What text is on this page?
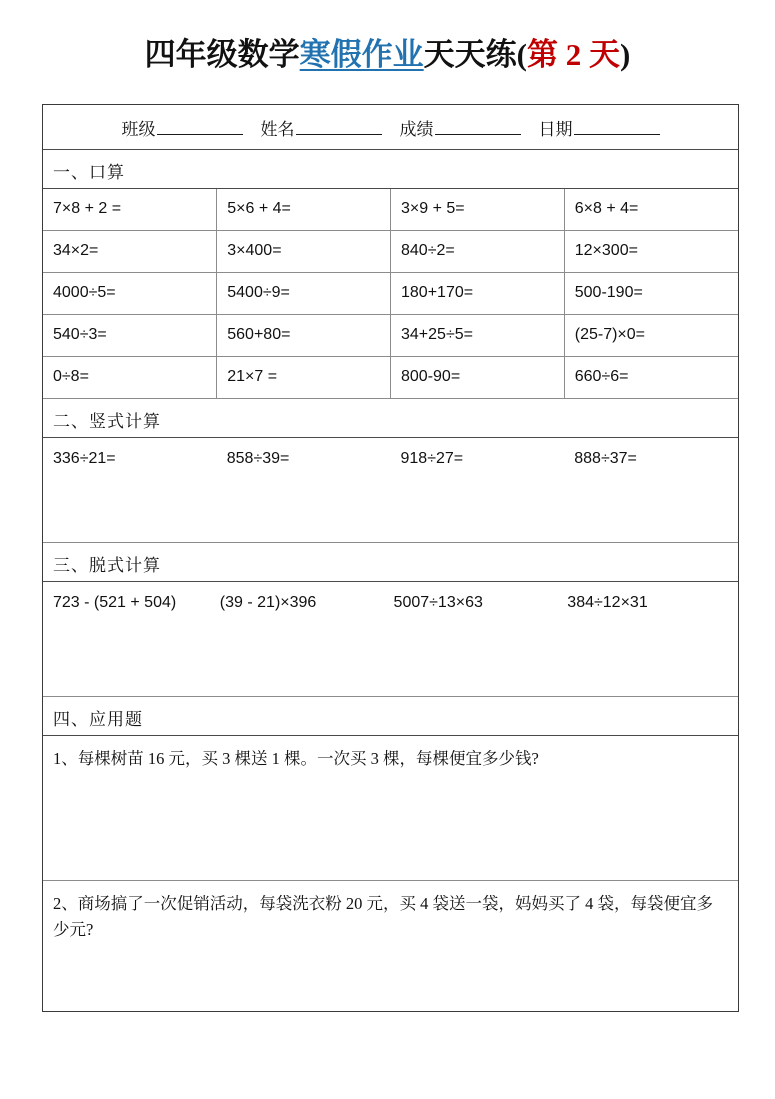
四年级数学寒假作业天天练(第 2 天)
班级 姓名 成绩 日期			

一、口算			

7×8 + 2 =	5×6 + 4=	3×9 + 5=	6×8 + 4=

34×2=	3×400=	840÷2=	12×300=

4000÷5=	5400÷9=	180+170=	500-190=

540÷3=	560+80=	34+25÷5=	(25-7)×0=

0÷8=	21×7 =	800-90=	660÷6=

二、竖式计算			

336÷21= 858÷39= 918÷27= 888÷37=			

三、脱式计算			

723 - (521 + 504) (39 - 21)×396 5007÷13×63 384÷12×31			

四、应用题			

1、每棵树苗 16 元，买 3 棵送 1 棵。一次买 3 棵，每棵便宜多少钱?			

2、商场搞了一次促销活动，每袋洗衣粉 20 元，买 4 袋送一袋，妈妈买了 4 袋，每袋便宜多少元?			
